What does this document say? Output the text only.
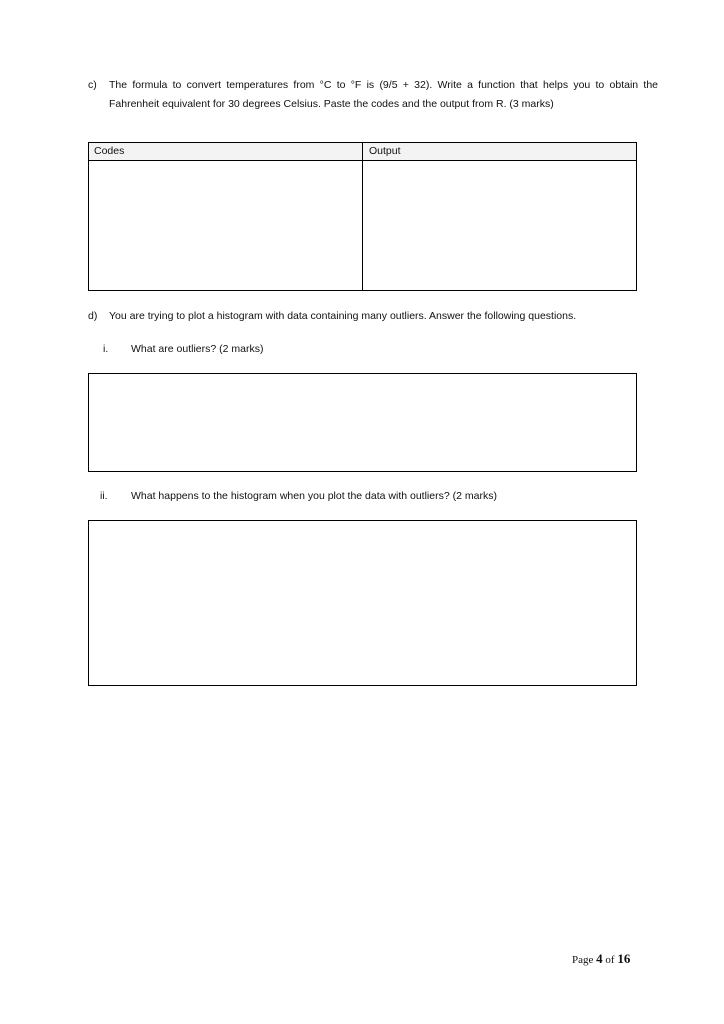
c) The formula to convert temperatures from °C to °F is (9/5 + 32). Write a function that helps you to obtain the Fahrenheit equivalent for 30 degrees Celsius. Paste the codes and the output from R. (3 marks)
Codes	Output
d) You are trying to plot a histogram with data containing many outliers. Answer the following questions.
i. What are outliers? (2 marks)
ii. What happens to the histogram when you plot the data with outliers? (2 marks)
Page 4 of 16
